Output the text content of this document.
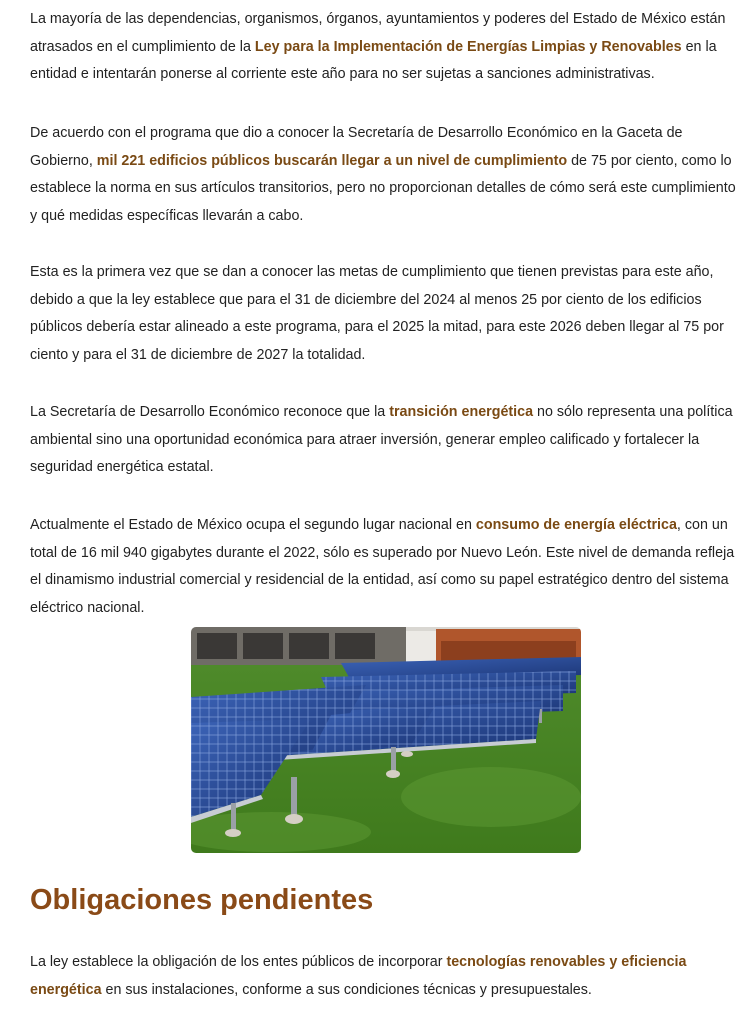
La mayoría de las dependencias, organismos, órganos, ayuntamientos y poderes del Estado de México están atrasados en el cumplimiento de la Ley para la Implementación de Energías Limpias y Renovables en la entidad e intentarán ponerse al corriente este año para no ser sujetas a sanciones administrativas.

De acuerdo con el programa que dio a conocer la Secretaría de Desarrollo Económico en la Gaceta de Gobierno, mil 221 edificios públicos buscarán llegar a un nivel de cumplimiento de 75 por ciento, como lo establece la norma en sus artículos transitorios, pero no proporcionan detalles de cómo será este cumplimiento y qué medidas específicas llevarán a cabo.

Esta es la primera vez que se dan a conocer las metas de cumplimiento que tienen previstas para este año, debido a que la ley establece que para el 31 de diciembre del 2024 al menos 25 por ciento de los edificios públicos debería estar alineado a este programa, para el 2025 la mitad, para este 2026 deben llegar al 75 por ciento y para el 31 de diciembre de 2027 la totalidad.

La Secretaría de Desarrollo Económico reconoce que la transición energética no sólo representa una política ambiental sino una oportunidad económica para atraer inversión, generar empleo calificado y fortalecer la seguridad energética estatal.

Actualmente el Estado de México ocupa el segundo lugar nacional en consumo de energía eléctrica, con un total de 16 mil 940 gigabytes durante el 2022, sólo es superado por Nuevo León. Este nivel de demanda refleja el dinamismo industrial comercial y residencial de la entidad, así como su papel estratégico dentro del sistema eléctrico nacional.

Obligaciones pendientes

La ley establece la obligación de los entes públicos de incorporar tecnologías renovables y eficiencia energética en sus instalaciones, conforme a sus condiciones técnicas y presupuestales.
